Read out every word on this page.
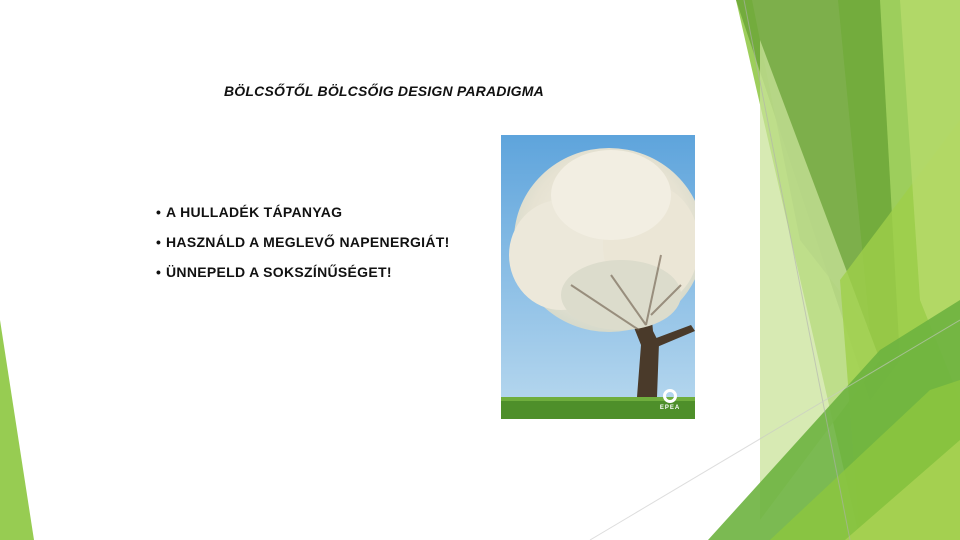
BÖLCSŐTŐL BÖLCSŐIG DESIGN PARADIGMA
• A HULLADÉK TÁPANYAG
•HASZNÁLD A MEGLEVŐ NAPENERGIÁT!
•ÜNNEPELD A SOKSZÍNŰSÉGET!
EPEA
